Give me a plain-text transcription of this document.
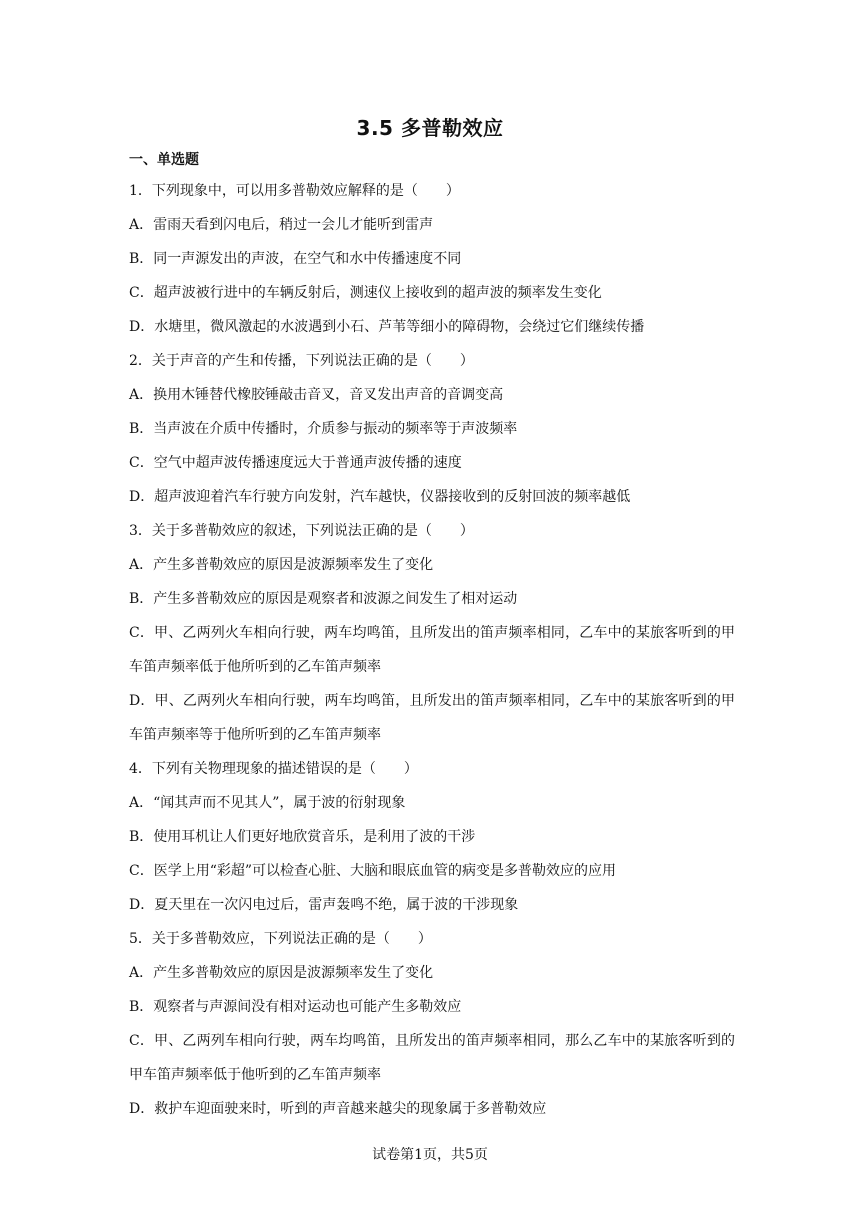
3.5 多普勒效应
一、单选题

1．下列现象中，可以用多普勒效应解释的是（　　）

A．雷雨天看到闪电后，稍过一会儿才能听到雷声

B．同一声源发出的声波，在空气和水中传播速度不同

C．超声波被行进中的车辆反射后，测速仪上接收到的超声波的频率发生变化

D．水塘里，微风激起的水波遇到小石、芦苇等细小的障碍物，会绕过它们继续传播

2．关于声音的产生和传播，下列说法正确的是（　　）

A．换用木锤替代橡胶锤敲击音叉，音叉发出声音的音调变高

B．当声波在介质中传播时，介质参与振动的频率等于声波频率

C．空气中超声波传播速度远大于普通声波传播的速度

D．超声波迎着汽车行驶方向发射，汽车越快，仪器接收到的反射回波的频率越低

3．关于多普勒效应的叙述，下列说法正确的是（　　）

A．产生多普勒效应的原因是波源频率发生了变化

B．产生多普勒效应的原因是观察者和波源之间发生了相对运动

C．甲、乙两列火车相向行驶，两车均鸣笛，且所发出的笛声频率相同，乙车中的某旅客听到的甲车笛声频率低于他所听到的乙车笛声频率

D．甲、乙两列火车相向行驶，两车均鸣笛，且所发出的笛声频率相同，乙车中的某旅客听到的甲车笛声频率等于他所听到的乙车笛声频率

4．下列有关物理现象的描述错误的是（　　）

A．“闻其声而不见其人”，属于波的衍射现象

B．使用耳机让人们更好地欣赏音乐，是利用了波的干涉

C．医学上用“彩超”可以检查心脏、大脑和眼底血管的病变是多普勒效应的应用

D．夏天里在一次闪电过后，雷声轰鸣不绝，属于波的干涉现象

5．关于多普勒效应，下列说法正确的是（　　）

A．产生多普勒效应的原因是波源频率发生了变化

B．观察者与声源间没有相对运动也可能产生多勒效应

C．甲、乙两列车相向行驶，两车均鸣笛，且所发出的笛声频率相同，那么乙车中的某旅客听到的甲车笛声频率低于他听到的乙车笛声频率

D．救护车迎面驶来时，听到的声音越来越尖的现象属于多普勒效应

试卷第1页，共5页
